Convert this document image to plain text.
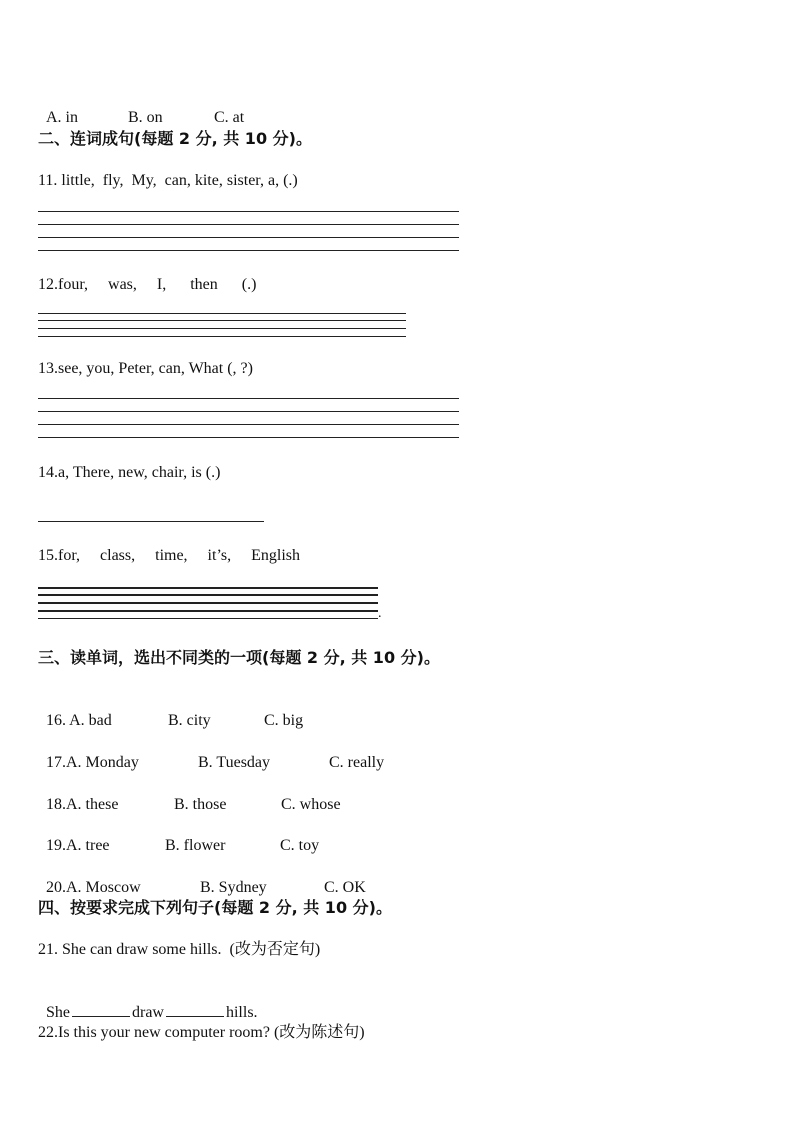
A. in	B. on	C. at

二、连词成句(每题 2 分, 共 10 分)。
11. little,  fly,  My,  can, kite, sister, a, (.)
12.four,     was,     I,      then      (.)
13.see, you, Peter, can, What (, ?)
14.a, There, new, chair, is (.)
15.for,     class,     time,     it’s,     English
.
三、读单词，选出不同类的一项(每题 2 分, 共 10 分)。

16. A. bad	B. city	C. big

17.A. Monday	B. Tuesday	C. really

18.A. these	B. those	C. whose

19.A. tree	B. flower	C. toy

20.A. Moscow	B. Sydney	C. OK

四、按要求完成下列句子(每题 2 分, 共 10 分)。
21. She can draw some hills.  (改为否定句)

She	draw	hills.

22.Is this your new computer room? (改为陈述句)
